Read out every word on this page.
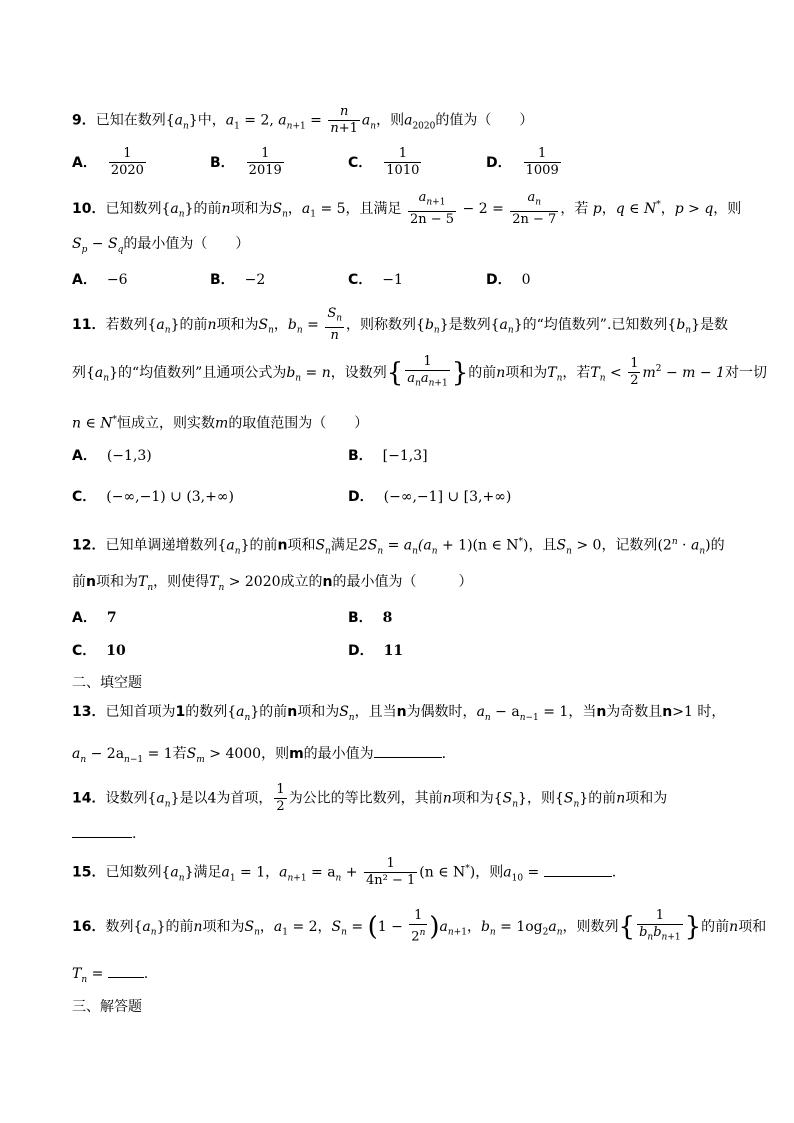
9．已知在数列$\{a_n\}$中，$a_1 = 2$, $a_{n+1} = \frac{n}{n+1} a_n$，则$a_{2020}$的值为（　　）
A． $\frac{1}{2020}$	B． $\frac{1}{2019}$	C． $\frac{1}{1010}$	D． $\frac{1}{1009}$
10．已知数列$\{a_n\}$的前n项和为$S_n$，$a_1 = 5$，且满足 $\frac{a_{n+1}}{2n - 5} - 2 = \frac{a_n}{2n - 7}$ ，若 p，q ∈ N*，p > q，则
$S_p - S_q$的最小值为（　　）
A． −6	B． −2	C． −1	D． 0
11．若数列$\{a_n\}$的前n项和为$S_n$，$b_n = \frac{S_n}{n}$ ，则称数列$\{b_n\}$是数列$\{a_n\}$的“均值数列”.已知数列$\{b_n\}$是数
列$\{a_n\}$的“均值数列”且通项公式为$b_n = n$，设数列{ $\frac{1}{a_na_{n+1}}$ }的前n项和为$T_n$，若$T_n < \frac{1}{2} m^2 - m - 1$对一切
n ∈ N*恒成立，则实数m的取值范围为（　　）
A． (−1,3)	B． [−1,3]
C． (−∞,−1) ∪ (3,+∞)	D． (−∞,−1] ∪ [3,+∞)
12．已知单调递增数列$\{a_n\}$的前n项和$S_n$满足$2S_n = a_n(a_n + 1)(n$ ∈ N*)，且$S_n > 0$，记数列$(2^n \cdot a_n)$的
前n项和为$T_n$，则使得$T_n > 2020$成立的n的最小值为（　　　）
A． 7	B． 8
C． 10	D． 11
二、填空题
13．已知首项为1的数列$\{a_n\}$的前n项和为$S_n$，且当n为偶数时，$a_n - a_{n-1} = 1$，当n为奇数且n>1 时，
$a_n - 2a_{n-1} = 1$若$S_m > 4000$，则m的最小值为	.
14．设数列$\{a_n\}$是以4为首项， $\frac{1}{2}$ 为公比的等比数列，其前n项和为$\{S_n\}$，则$\{S_n\}$的前n项和为
.
15．已知数列$\{a_n\}$满足$a_1 = 1$，$a_{n+1} = a_n + \frac{1}{\text{4n² − 1}} (n$ ∈ N*)，则$a_{10}$ =	.
16．数列$\{a_n\}$的前n项和为$S_n$，$a_1 = 2$，$S_n = (1 - \frac{1}{2^n} )a_{n+1}$，$b_n = 1og_2a_n$，则数列{ $\frac{1}{b_nb_{n+1}}$ }的前n项和
$T_n$ =	.
三、解答题
